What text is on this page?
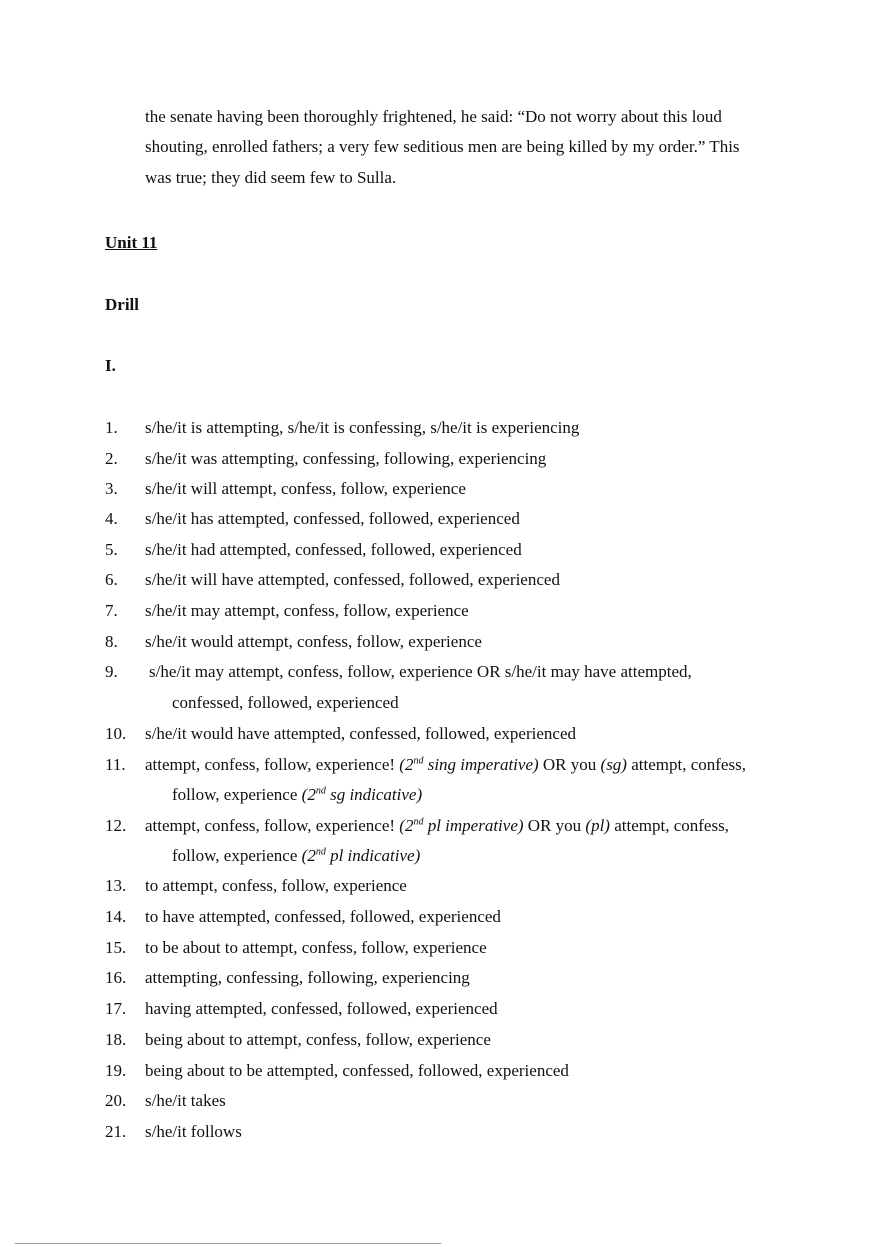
the senate having been thoroughly frightened, he said: “Do not worry about this loud
shouting, enrolled fathers; a very few seditious men are being killed by my order.” This
was true; they did seem few to Sulla.
Unit 11
Drill
I.
1. s/he/it is attempting, s/he/it is confessing, s/he/it is experiencing
2. s/he/it was attempting, confessing, following, experiencing
3. s/he/it will attempt, confess, follow, experience
4. s/he/it has attempted, confessed, followed, experienced
5. s/he/it had attempted, confessed, followed, experienced
6. s/he/it will have attempted, confessed, followed, experienced
7. s/he/it may attempt, confess, follow, experience
8. s/he/it would attempt, confess, follow, experience
9. s/he/it may attempt, confess, follow, experience OR s/he/it may have attempted,
confessed, followed, experienced
10. s/he/it would have attempted, confessed, followed, experienced
11. attempt, confess, follow, experience! (2nd sing imperative) OR you (sg) attempt, confess,
follow, experience (2nd sg indicative)
12. attempt, confess, follow, experience! (2nd pl imperative) OR you (pl) attempt, confess,
follow, experience (2nd pl indicative)
13. to attempt, confess, follow, experience
14. to have attempted, confessed, followed, experienced
15. to be about to attempt, confess, follow, experience
16. attempting, confessing, following, experiencing
17. having attempted, confessed, followed, experienced
18. being about to attempt, confess, follow, experience
19. being about to be attempted, confessed, followed, experienced
20. s/he/it takes
21. s/he/it follows
